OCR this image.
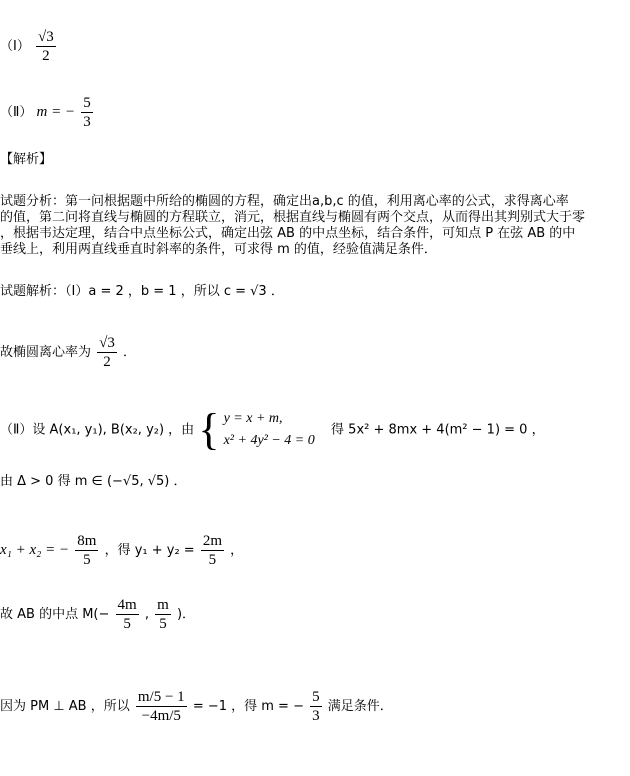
（Ⅰ） $\frac{√3}{2}$
（Ⅱ） m = − $\frac{5}{3}$
【解析】
试题分析：第一问根据题中所给的椭圆的方程，确定出a,b,c 的值，利用离心率的公式，求得离心率
的值，第二问将直线与椭圆的方程联立，消元，根据直线与椭圆有两个交点，从而得出其判别式大于零
，根据韦达定理，结合中点坐标公式，确定出弦 AB 的中点坐标，结合条件，可知点 P 在弦 AB 的中
垂线上，利用两直线垂直时斜率的条件，可求得 m 的值，经验值满足条件．
试题解析：（Ⅰ）a = 2 ，b = 1 ，所以 c = √3 ．
故椭圆离心率为 $\frac{√3}{2}$ ．
（Ⅱ）设 A(x₁, y₁), B(x₂, y₂) ，由 { y = x + m,
x² + 4y² − 4 = 0
得 5x² + 8mx + 4(m² − 1) = 0 ，
由 Δ > 0 得 m ∈ (−√5, √5) ．
x₁ + x₂ = − $\frac{8m}{5}$ ，得 $y_1 + y_2 = \frac{2m}{5}$ ，
故 AB 的中点 $M(- \frac{4m}{5}$ , $\frac{m}{5}$ )．
因为 PM ⊥ AB ，所以 $\frac{m/5 - 1}{-4m/5} = -1$ ，得 m = − $\frac{5}{3}$ 满足条件．
